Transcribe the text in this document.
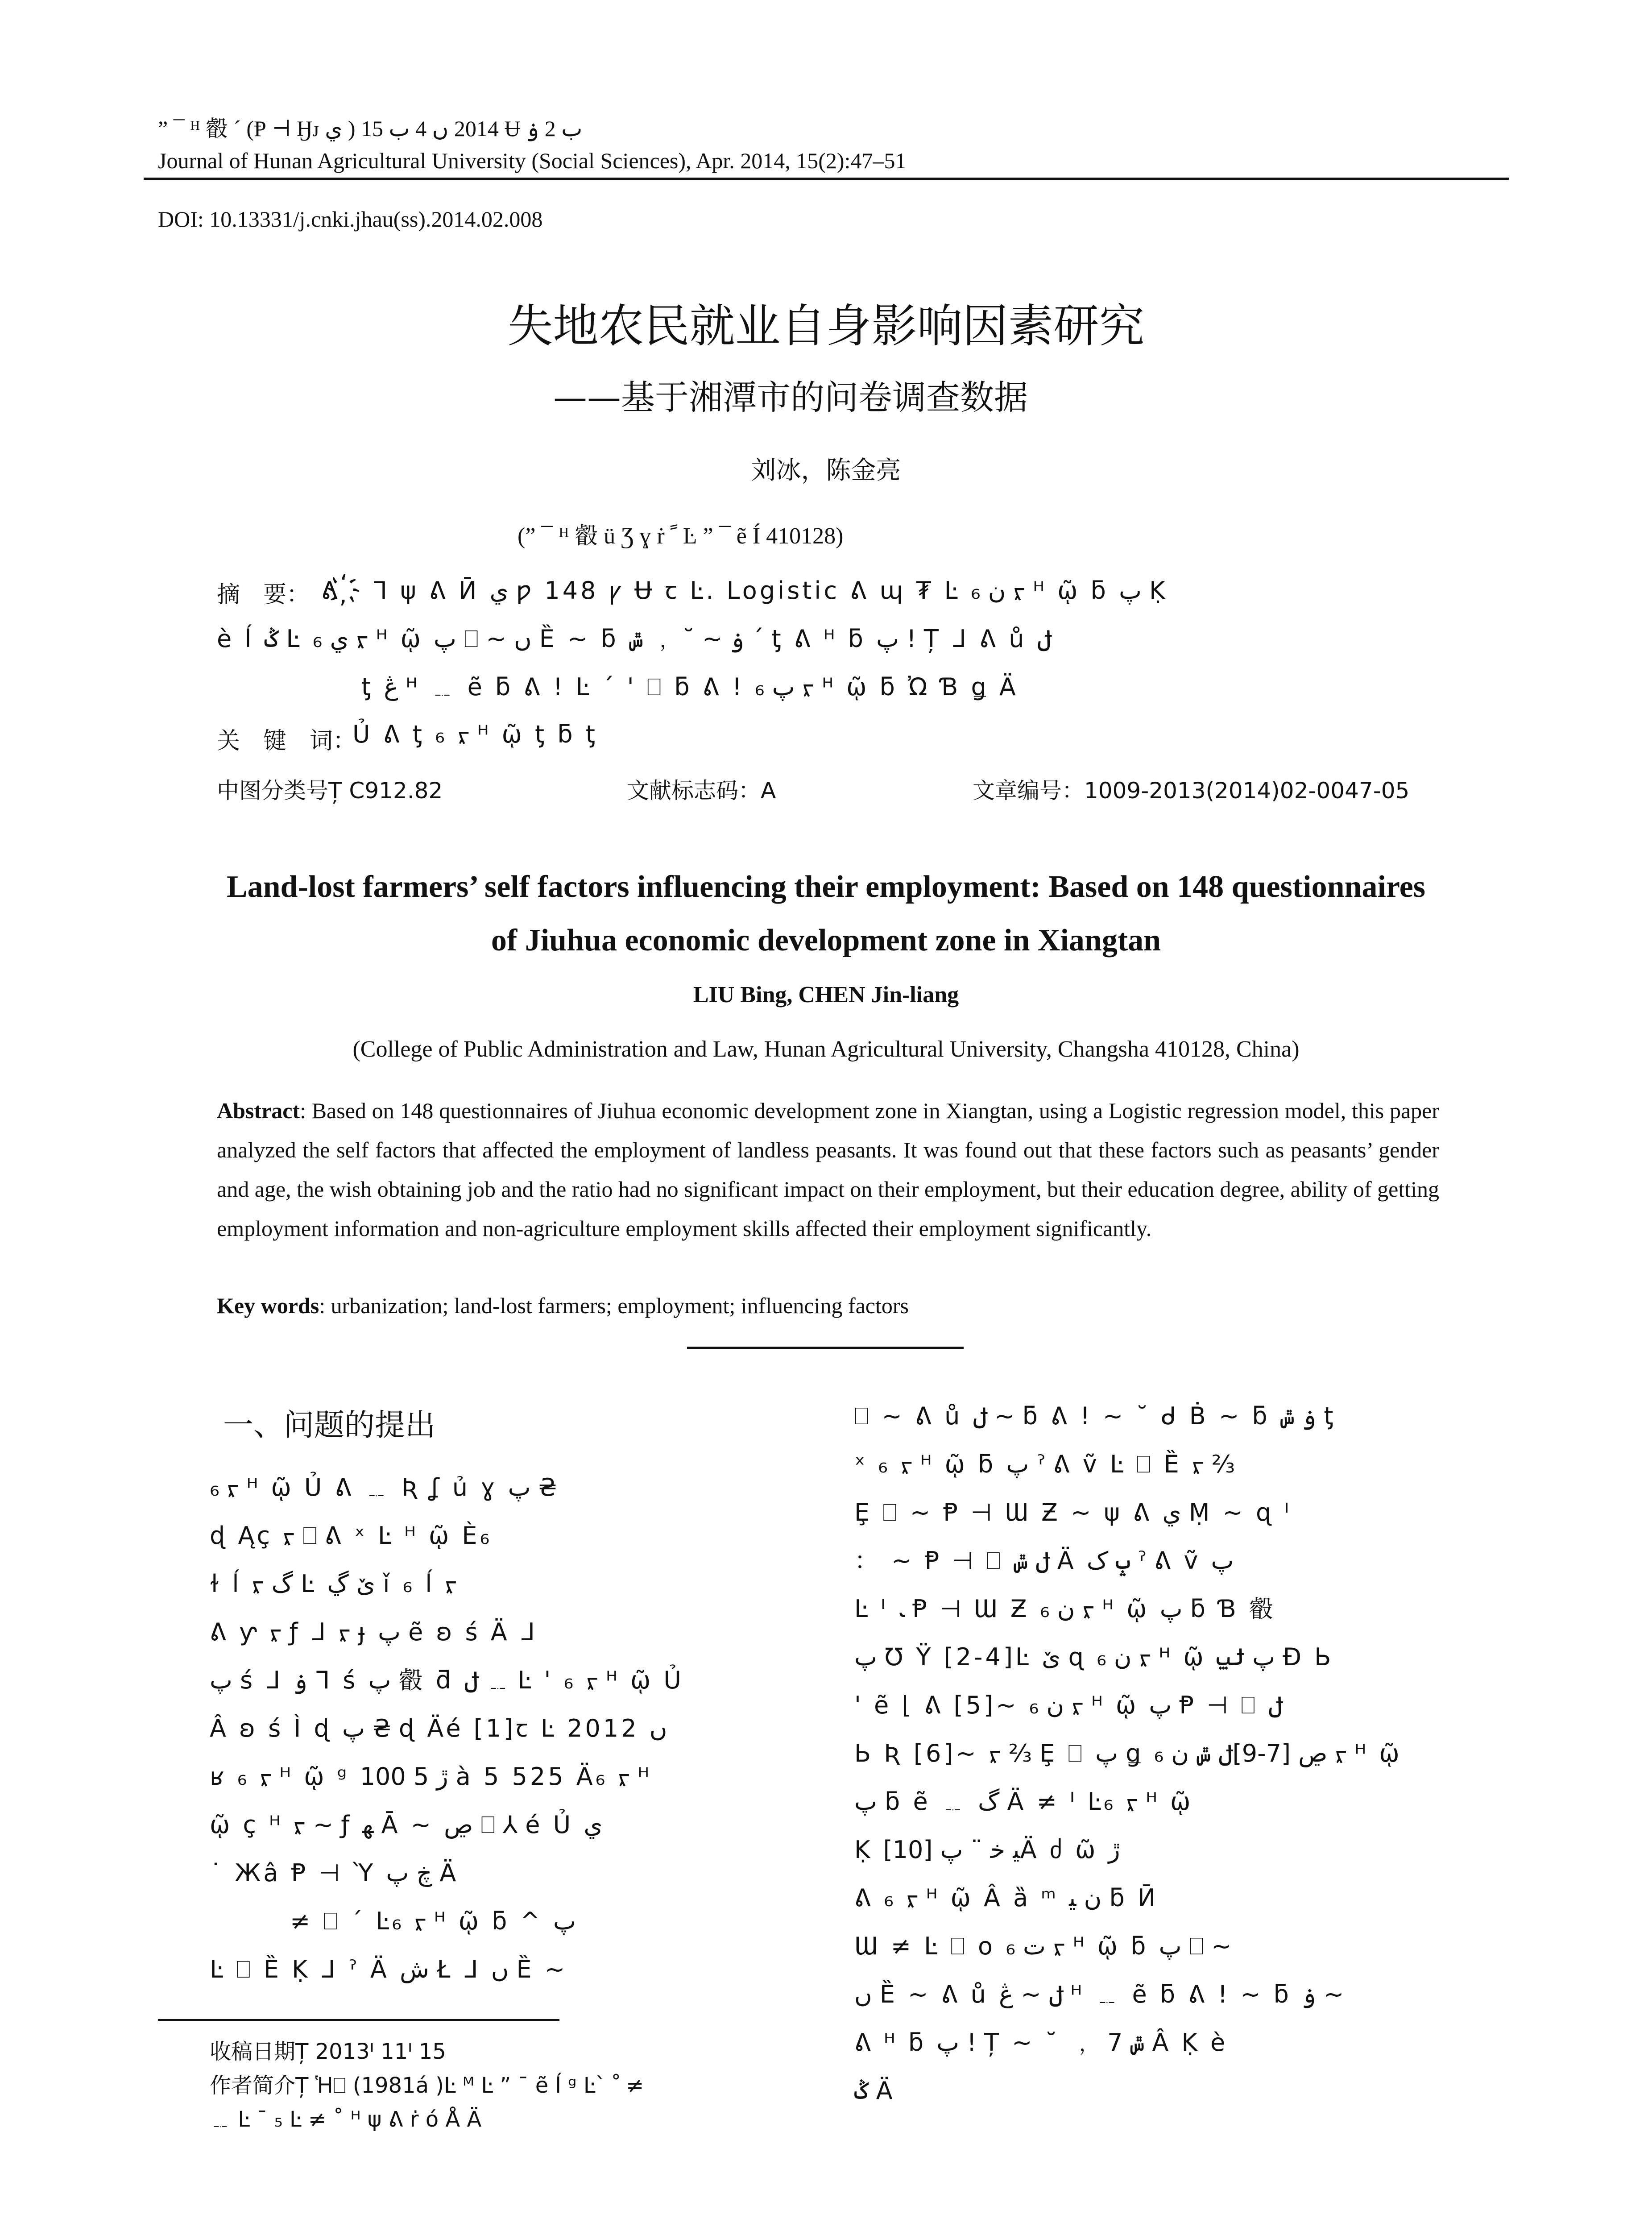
” ¯ ᴴ 㲊 ˊ (Ᵽ ⊣ Ӈᴊ ي ) 2014 ں 4 ب 15 Ʉ ب 2 ۏ
Journal of Hunan Agricultural University (Social Sciences), Apr. 2014, 15(2):47–51
DOI: 10.13331/j.cnki.jhau(ss).2014.02.008
失地农民就业自身影响因素研究
——基于湘潭市的问卷调查数据
刘冰，陈金亮
(” ¯ ᴴ 㲊 ü Ʒ ɣ ṙ ﹰ Ŀ ” ¯ ẽ Í 410128)
摘　要： ᕕ ҉ Ꞁ ψ ᕕ Ӣ ي ƿ 148 ꝩ Ʉ ꞇ Ŀ. Logistic ᕕ ɰ ₮ Ŀ ن ₆ ᡵ ᴴ ῷ ƃ پ Ḳ
è ĺ ݣ Ŀ ي ₆ ᡵ ᴴ ῷ پ ⎕ ~ ں Ȅ ~ ƃ ۏ ~ ˘ ﹐ ݜ ˊ ƫ ᕕ ᴴ ƃ پ ! Ț ᒧ ᕕ ů ݪ
ƫ ڠ ᴴ ﹎ ẽ ƃ ᕕ ! Ŀ ˊ ꞌ ⎕ ƃ ᕕ ! پ ₆ ᡵ ᴴ ῷ ƃ Ὠ Ɓ ǥ Ä
关　键　词：
Ủ ᕕ ƫ ₆ ᡵ ᴴ ῷ ƫ ƃ ƫ
中图分类号Ț C912.82	文献标志码：A	文章编号：1009-2013(2014)02-0047-05
Land-lost farmers’ self factors influencing their employment: Based on 148 questionnaires
of Jiuhua economic development zone in Xiangtan
LIU Bing, CHEN Jin-liang
(College of Public Administration and Law, Hunan Agricultural University, Changsha 410128, China)
Abstract: Based on 148 questionnaires of Jiuhua economic development zone in Xiangtan, using a Logistic regression model, this paper analyzed the self factors that affected the employment of landless peasants. It was found out that these factors such as peasants’ gender and age, the wish obtaining job and the ratio had no significant impact on their employment, but their education degree, ability of getting employment information and non-agriculture employment skills affected their employment significantly.
Key words: urbanization; land-lost farmers; employment; influencing factors
一、问题的提出
₆ ᡵ ᴴ ῷ Ủ ᕕ ﹎ Ʀ ʆ ủ ɣ پ ₴
ɖ Ąç ᡵ ⎕ ᕕ ˣ Ŀ ᴴ ῷ È₆
ɫ ĺ ᡵ گ Ŀ ێ ڲ ǐ ₆ ĺ ᡵ
ᕕ ƴ ᡵ ƒ ᒧ ᡵ ɟ پ ẽ ʚ ś Ä ᒧ
پ ś ᒧ ۏ ᒣ ś پ 㲊 ƌ ݪ ﹎ Ŀ ' ₆ ᡵ ᴴ ῷ Ủ
Â ʚ ś Ì ɖ پ ₴ ɖ Äé [1]ꞇ Ŀ 2012 ں
ʁ ₆ ᡵ ᴴ ῷ ᵍ ڙ 5 100 à 5 525 Ä₆ ᡵ ᴴ
ῷ ç ᴴ ᡵ ~ ƒ ﻬ Ā ~ ڝ ⎕ ⅄ é Ủ ي
˙ Жâ Ᵽ ⊣ Ὺ ڿ پ Ä
≠ ⎕ ˊ Ŀ₆ ᡵ ᴴ ῷ ƃ ^ پ
Ŀ ⎕ Ȅ Ḳ ᒧ ˀ Ä ش Ł ᒧ ں Ȅ ~
收稿日期Ț 2013ᑊ 11ᑊ 15
作者简介Ț Ἡ⎕ (1981á )Ŀ ᴹ Ŀ ” ¯ ẽ ĺ ᵍ Ŀ` ﹾ ≠
﹎ Ŀ ˉ ₅ Ŀ ≠ ˚ ᴴ ψ ᕕ ṙ ó Å Ä
⎕ ~ ᕕ ů ݪ ~ ƃ ᕕ ! ~ ˘ ᑯ Ḃ ~ ƃ ۏ ݜ ƫ
ˣ ₆ ᡵ ᴴ ῷ ƃ پ ˀ ᕕ ṽ Ŀ ⎕ Ȅ ᡵ ⅔
Ȩ ⎕ ~ Ᵽ ⊣ Ɯ Ƶ ~ ψ ᕕ ي Ṃ ~ ɋ ᑊ
： ~ Ᵽ ⊣ ⎕ ݪ ݜ Ä ݒ ک ˀ ᕕ ṽ پ
Ŀ ᑊ ﹳ Ᵽ ⊣ Ɯ Ƶ ن ₆ ᡵ ᴴ ῷ پ ƃ Ɓ 㲊
پ Ʊ Ÿ [2-4]Ŀ ێ ɋ ن ₆ ᡵ ᴴ ῷ پ ݪݐ Ð Ь
ꞌ ẽ ⌊ ᕕ [5]~ ن ₆ ᡵ ᴴ ῷ پ Ᵽ ⊣ ⎕ ݪ
Ь Ʀ [6]~ ᡵ ⅔ Ȩ ⎕ پ ǥ ڝ [7-9]ݪ ݜ ن ₆ ᡵ ᴴ ῷ
پ ƃ ẽ ﹎ گ Ä ≠ ᑊ Ŀ₆ ᡵ ᴴ ῷ
Ḳ ﯿ ﺧ ¨ پ [10]Ä ძ ῶ ڙ
ᕕ ₆ ᡵ ᴴ ῷ Â ȁ ᵐ ن ﯿ ƃ Ӣ
Ɯ ≠ Ŀ ⎕ ᴏ ت ₆ ᡵ ᴴ ῷ ƃ پ ⎕ ~
ں Ȅ ~ ᕕ ů ݪ ~ ڠ ᴴ ﹎ ẽ ƃ ᕕ ! ~ ƃ ۏ ~
ᕕ ᴴ ƃ پ ! Ț ~ ˘ ﹐ ݜ 7 Â Ḳ è
ݣ Ä
